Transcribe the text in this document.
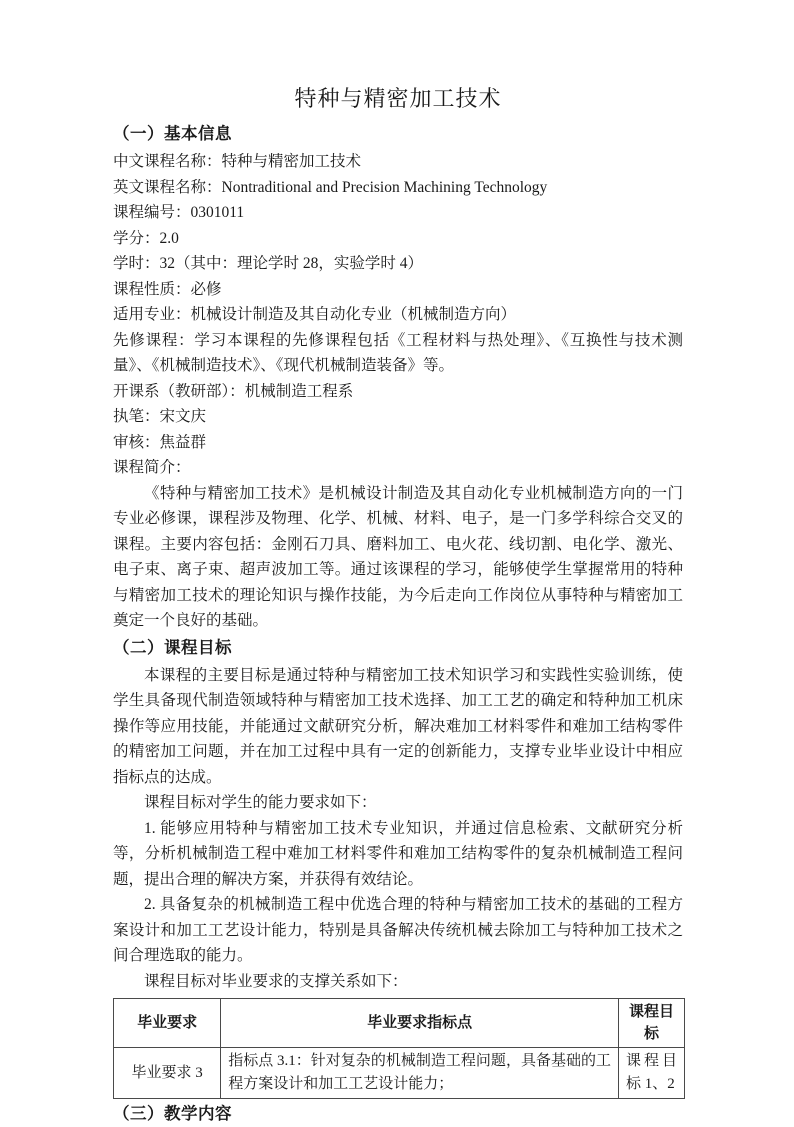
特种与精密加工技术
（一）基本信息

中文课程名称：特种与精密加工技术

英文课程名称：Nontraditional and Precision Machining Technology

课程编号：0301011

学分：2.0

学时：32（其中：理论学时 28，实验学时 4）

课程性质：必修

适用专业：机械设计制造及其自动化专业（机械制造方向）

先修课程：学习本课程的先修课程包括《工程材料与热处理》、《互换性与技术测量》、《机械制造技术》、《现代机械制造装备》等。

开课系（教研部）：机械制造工程系

执笔：宋文庆

审核：焦益群

课程简介：

《特种与精密加工技术》是机械设计制造及其自动化专业机械制造方向的一门专业必修课，课程涉及物理、化学、机械、材料、电子，是一门多学科综合交叉的课程。主要内容包括：金刚石刀具、磨料加工、电火花、线切割、电化学、激光、电子束、离子束、超声波加工等。通过该课程的学习，能够使学生掌握常用的特种与精密加工技术的理论知识与操作技能，为今后走向工作岗位从事特种与精密加工奠定一个良好的基础。

（二）课程目标

本课程的主要目标是通过特种与精密加工技术知识学习和实践性实验训练，使学生具备现代制造领域特种与精密加工技术选择、加工工艺的确定和特种加工机床操作等应用技能，并能通过文献研究分析，解决难加工材料零件和难加工结构零件的精密加工问题，并在加工过程中具有一定的创新能力，支撑专业毕业设计中相应指标点的达成。

课程目标对学生的能力要求如下：

1. 能够应用特种与精密加工技术专业知识，并通过信息检索、文献研究分析等，分析机械制造工程中难加工材料零件和难加工结构零件的复杂机械制造工程问题，提出合理的解决方案，并获得有效结论。

2. 具备复杂的机械制造工程中优选合理的特种与精密加工技术的基础的工程方案设计和加工工艺设计能力，特别是具备解决传统机械去除加工与特种加工技术之间合理选取的能力。

课程目标对毕业要求的支撑关系如下：

毕业要求	毕业要求指标点	课程目标
毕业要求 3	指标点 3.1：针对复杂的机械制造工程问题，具备基础的工程方案设计和加工工艺设计能力；	课程目标 1、2
（三）教学内容
